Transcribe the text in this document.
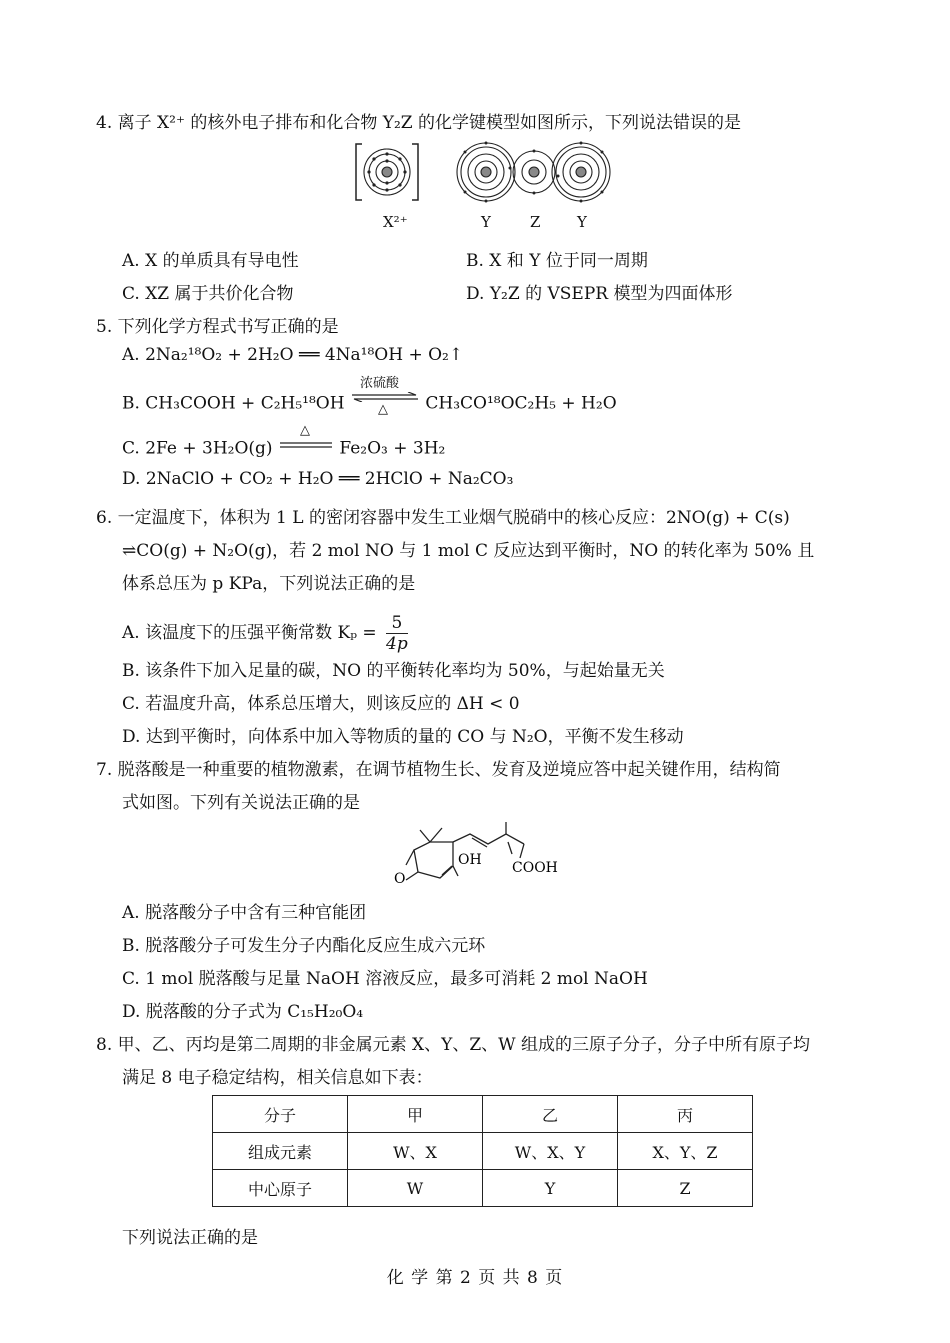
4. 离子 X²⁺ 的核外电子排布和化合物 Y₂Z 的化学键模型如图所示，下列说法错误的是
X²⁺	Y	Z Y
A. X 的单质具有导电性	B. X 和 Y 位于同一周期
C. XZ 属于共价化合物	D. Y₂Z 的 VSEPR 模型为四面体形
5. 下列化学方程式书写正确的是
A. 2Na₂¹⁸O₂ + 2H₂O ══ 4Na¹⁸OH + O₂↑
B. CH₃COOH + C₂H₅¹⁸OH
浓硫酸
△ CH₃CO¹⁸OC₂H₅ + H₂O
C. 2Fe + 3H₂O(g)
△
Fe₂O₃ + 3H₂
D. 2NaClO + CO₂ + H₂O ══ 2HClO + Na₂CO₃
6. 一定温度下，体积为 1 L 的密闭容器中发生工业烟气脱硝中的核心反应：2NO(g) + C(s)
⇌CO(g) + N₂O(g)，若 2 mol NO 与 1 mol C 反应达到平衡时，NO 的转化率为 50% 且
体系总压为 p KPa，下列说法正确的是
A. 该温度下的压强平衡常数 $K_p = \frac{5}{4p}$
B. 该条件下加入足量的碳，NO 的平衡转化率均为 50%，与起始量无关
C. 若温度升高，体系总压增大，则该反应的 ΔH < 0
D. 达到平衡时，向体系中加入等物质的量的 CO 与 N₂O，平衡不发生移动
7. 脱落酸是一种重要的植物激素，在调节植物生长、发育及逆境应答中起关键作用，结构简
式如图。下列有关说法正确的是
OH COOH
O
A. 脱落酸分子中含有三种官能团
B. 脱落酸分子可发生分子内酯化反应生成六元环
C. 1 mol 脱落酸与足量 NaOH 溶液反应，最多可消耗 2 mol NaOH
D. 脱落酸的分子式为 C₁₅H₂₀O₄
8. 甲、乙、丙均是第二周期的非金属元素 X、Y、Z、W 组成的三原子分子，分子中所有原子均
满足 8 电子稳定结构，相关信息如下表：
分子	甲	乙	丙
组成元素	W、X	W、X、Y	X、Y、Z
中心原子	W	Y	Z
下列说法正确的是
化 学 第 2 页 共 8 页
